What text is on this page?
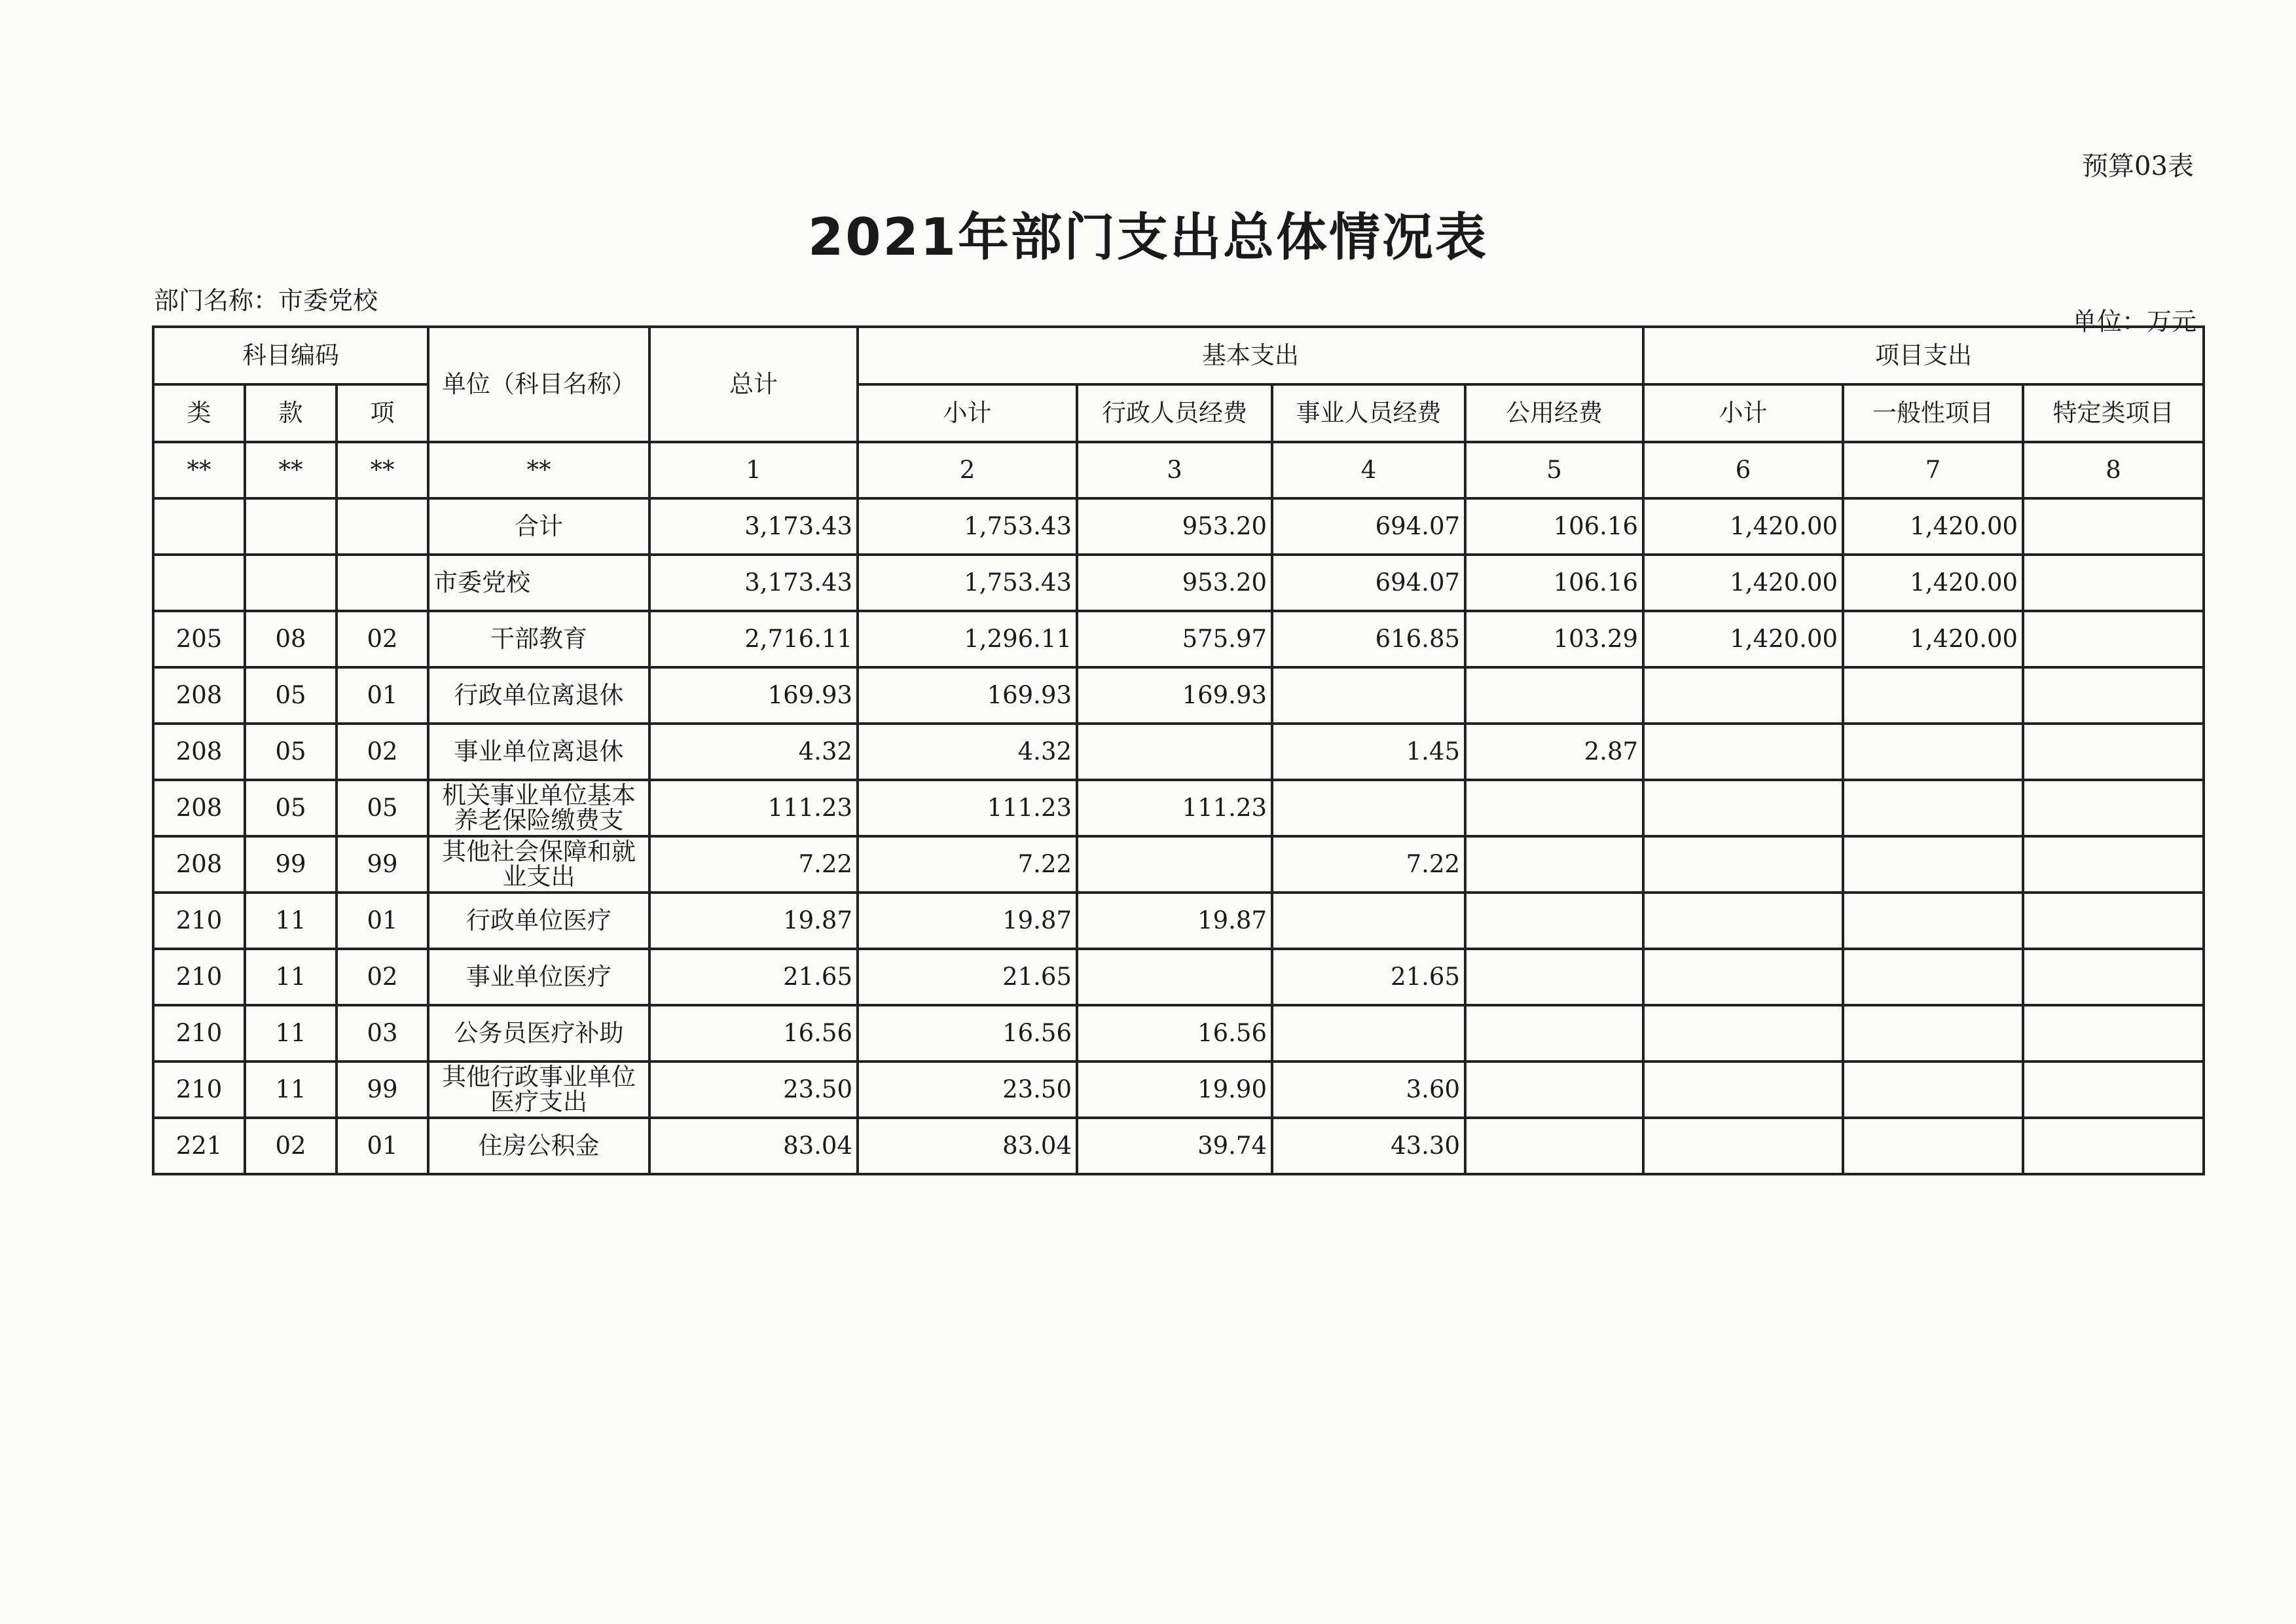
预算03表
2021年部门支出总体情况表
部门名称：市委党校
单位：万元
科目编码			单位（科目名称）	总计	基本支出				项目支出		
类	款	项			小计	行政人员经费	事业人员经费	公用经费	小计	一般性项目	特定类项目
**	**	**	**	1	2	3	4	5	6	7	8
			合计	3,173.43	1,753.43	953.20	694.07	106.16	1,420.00	1,420.00	
			市委党校	3,173.43	1,753.43	953.20	694.07	106.16	1,420.00	1,420.00	
205	08	02	干部教育	2,716.11	1,296.11	575.97	616.85	103.29	1,420.00	1,420.00	
208	05	01	行政单位离退休	169.93	169.93	169.93					
208	05	02	事业单位离退休	4.32	4.32		1.45	2.87			
208	05	05	机关事业单位基本养老保险缴费支	111.23	111.23	111.23					
208	99	99	其他社会保障和就业支出	7.22	7.22		7.22				
210	11	01	行政单位医疗	19.87	19.87	19.87					
210	11	02	事业单位医疗	21.65	21.65		21.65				
210	11	03	公务员医疗补助	16.56	16.56	16.56					
210	11	99	其他行政事业单位医疗支出	23.50	23.50	19.90	3.60				
221	02	01	住房公积金	83.04	83.04	39.74	43.30				
